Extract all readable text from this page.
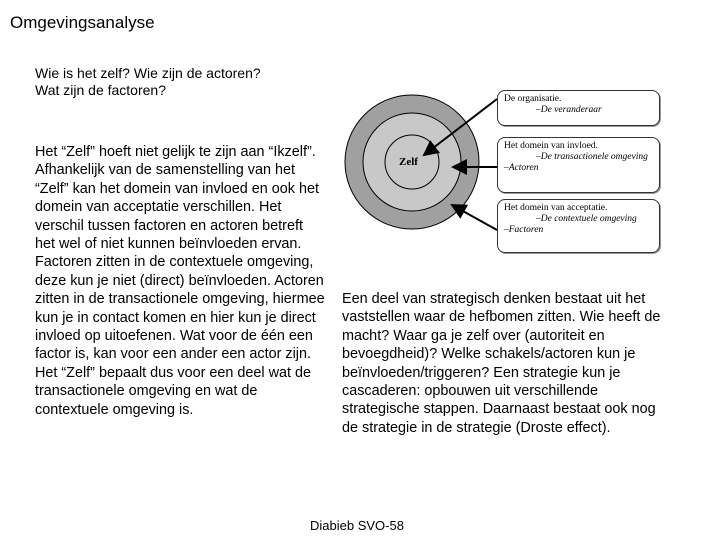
Omgevingsanalyse
Wie is het zelf? Wie zijn de actoren?
Wat zijn de factoren?
Het “Zelf” hoeft niet gelijk te zijn aan “Ikzelf”. Afhankelijk van de samenstelling van het “Zelf” kan het domein van invloed en ook het domein van acceptatie verschillen. Het verschil tussen factoren en actoren betreft het wel of niet kunnen beïnvloeden ervan. Factoren zitten in de contextuele omgeving, deze kun je niet (direct) beïnvloeden. Actoren zitten in de transactionele omgeving, hiermee kun je in contact komen en hier kun je direct invloed op uitoefenen. Wat voor de één een factor is, kan voor een ander een actor zijn. Het “Zelf” bepaalt dus voor een deel wat de transactionele omgeving en wat de contextuele omgeving is.
Zelf
De organisatie.
–De veranderaar
Het domein van invloed.
–De transactionele omgeving
–Actoren
Het domein van acceptatie.
–De contextuele omgeving
–Factoren
Een deel van strategisch denken bestaat uit het vaststellen waar de hefbomen zitten. Wie heeft de macht? Waar ga je zelf over (autoriteit en bevoegdheid)? Welke schakels/actoren kun je beïnvloeden/triggeren? Een strategie kun je cascaderen: opbouwen uit verschillende strategische stappen. Daarnaast bestaat ook nog de strategie in de strategie (Droste effect).
Diabieb SVO-58
